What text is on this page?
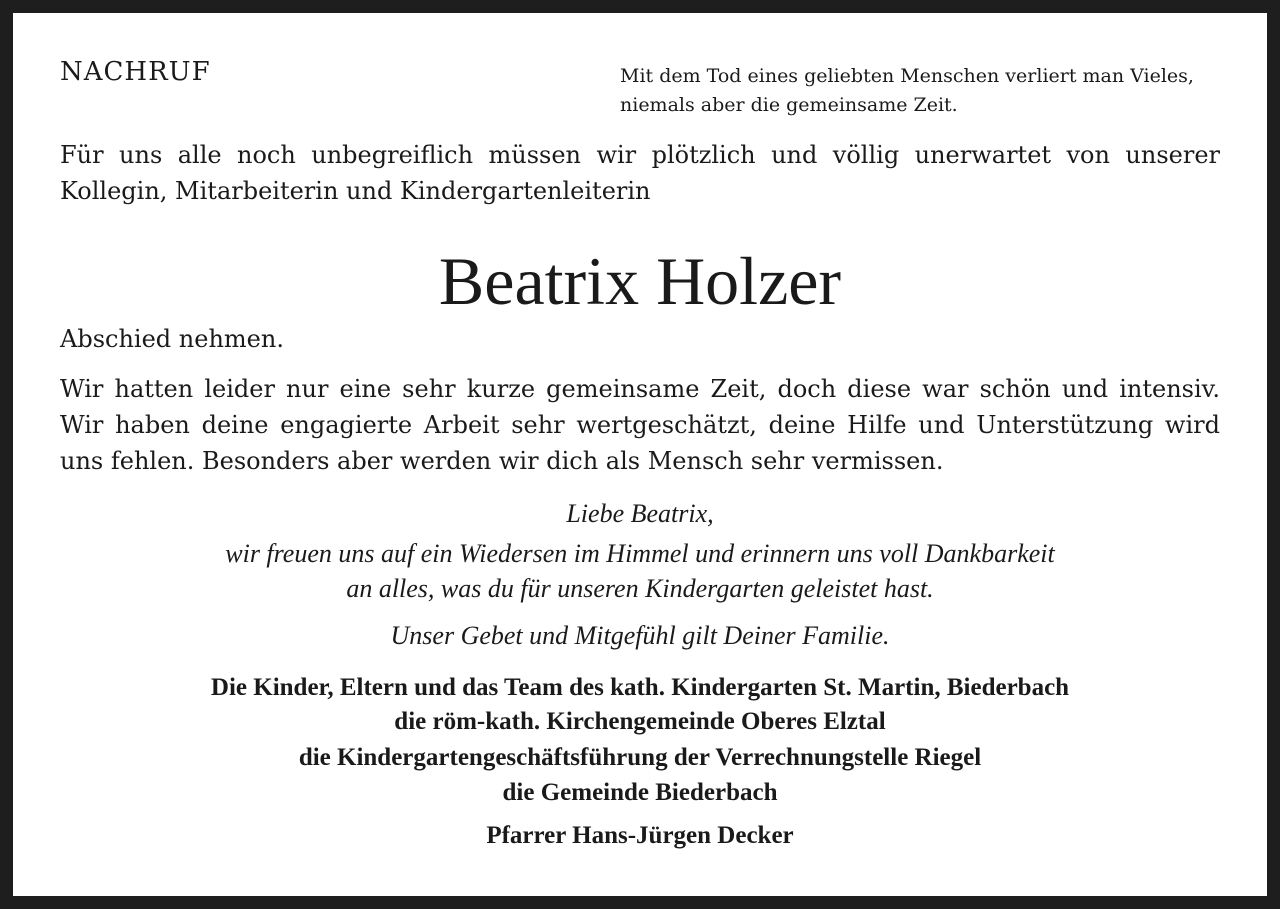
NACHRUF	Mit dem Tod eines geliebten Menschen verliert man Vieles,
niemals aber die gemeinsame Zeit.
Für uns alle noch unbegreiflich müssen wir plötzlich und völlig unerwartet von unserer
Kollegin, Mitarbeiterin und Kindergartenleiterin
Beatrix Holzer
Abschied nehmen.
Wir hatten leider nur eine sehr kurze gemeinsame Zeit, doch diese war schön und intensiv.
Wir haben deine engagierte Arbeit sehr wertgeschätzt, deine Hilfe und Unterstützung wird
uns fehlen. Besonders aber werden wir dich als Mensch sehr vermissen.
Liebe Beatrix,
wir freuen uns auf ein Wiedersen im Himmel und erinnern uns voll Dankbarkeit
an alles, was du für unseren Kindergarten geleistet hast.
Unser Gebet und Mitgefühl gilt Deiner Familie.
Die Kinder, Eltern und das Team des kath. Kindergarten St. Martin, Biederbach
die röm-kath. Kirchengemeinde Oberes Elztal
die Kindergartengeschäftsführung der Verrechnungstelle Riegel
die Gemeinde Biederbach
Pfarrer Hans-Jürgen Decker
